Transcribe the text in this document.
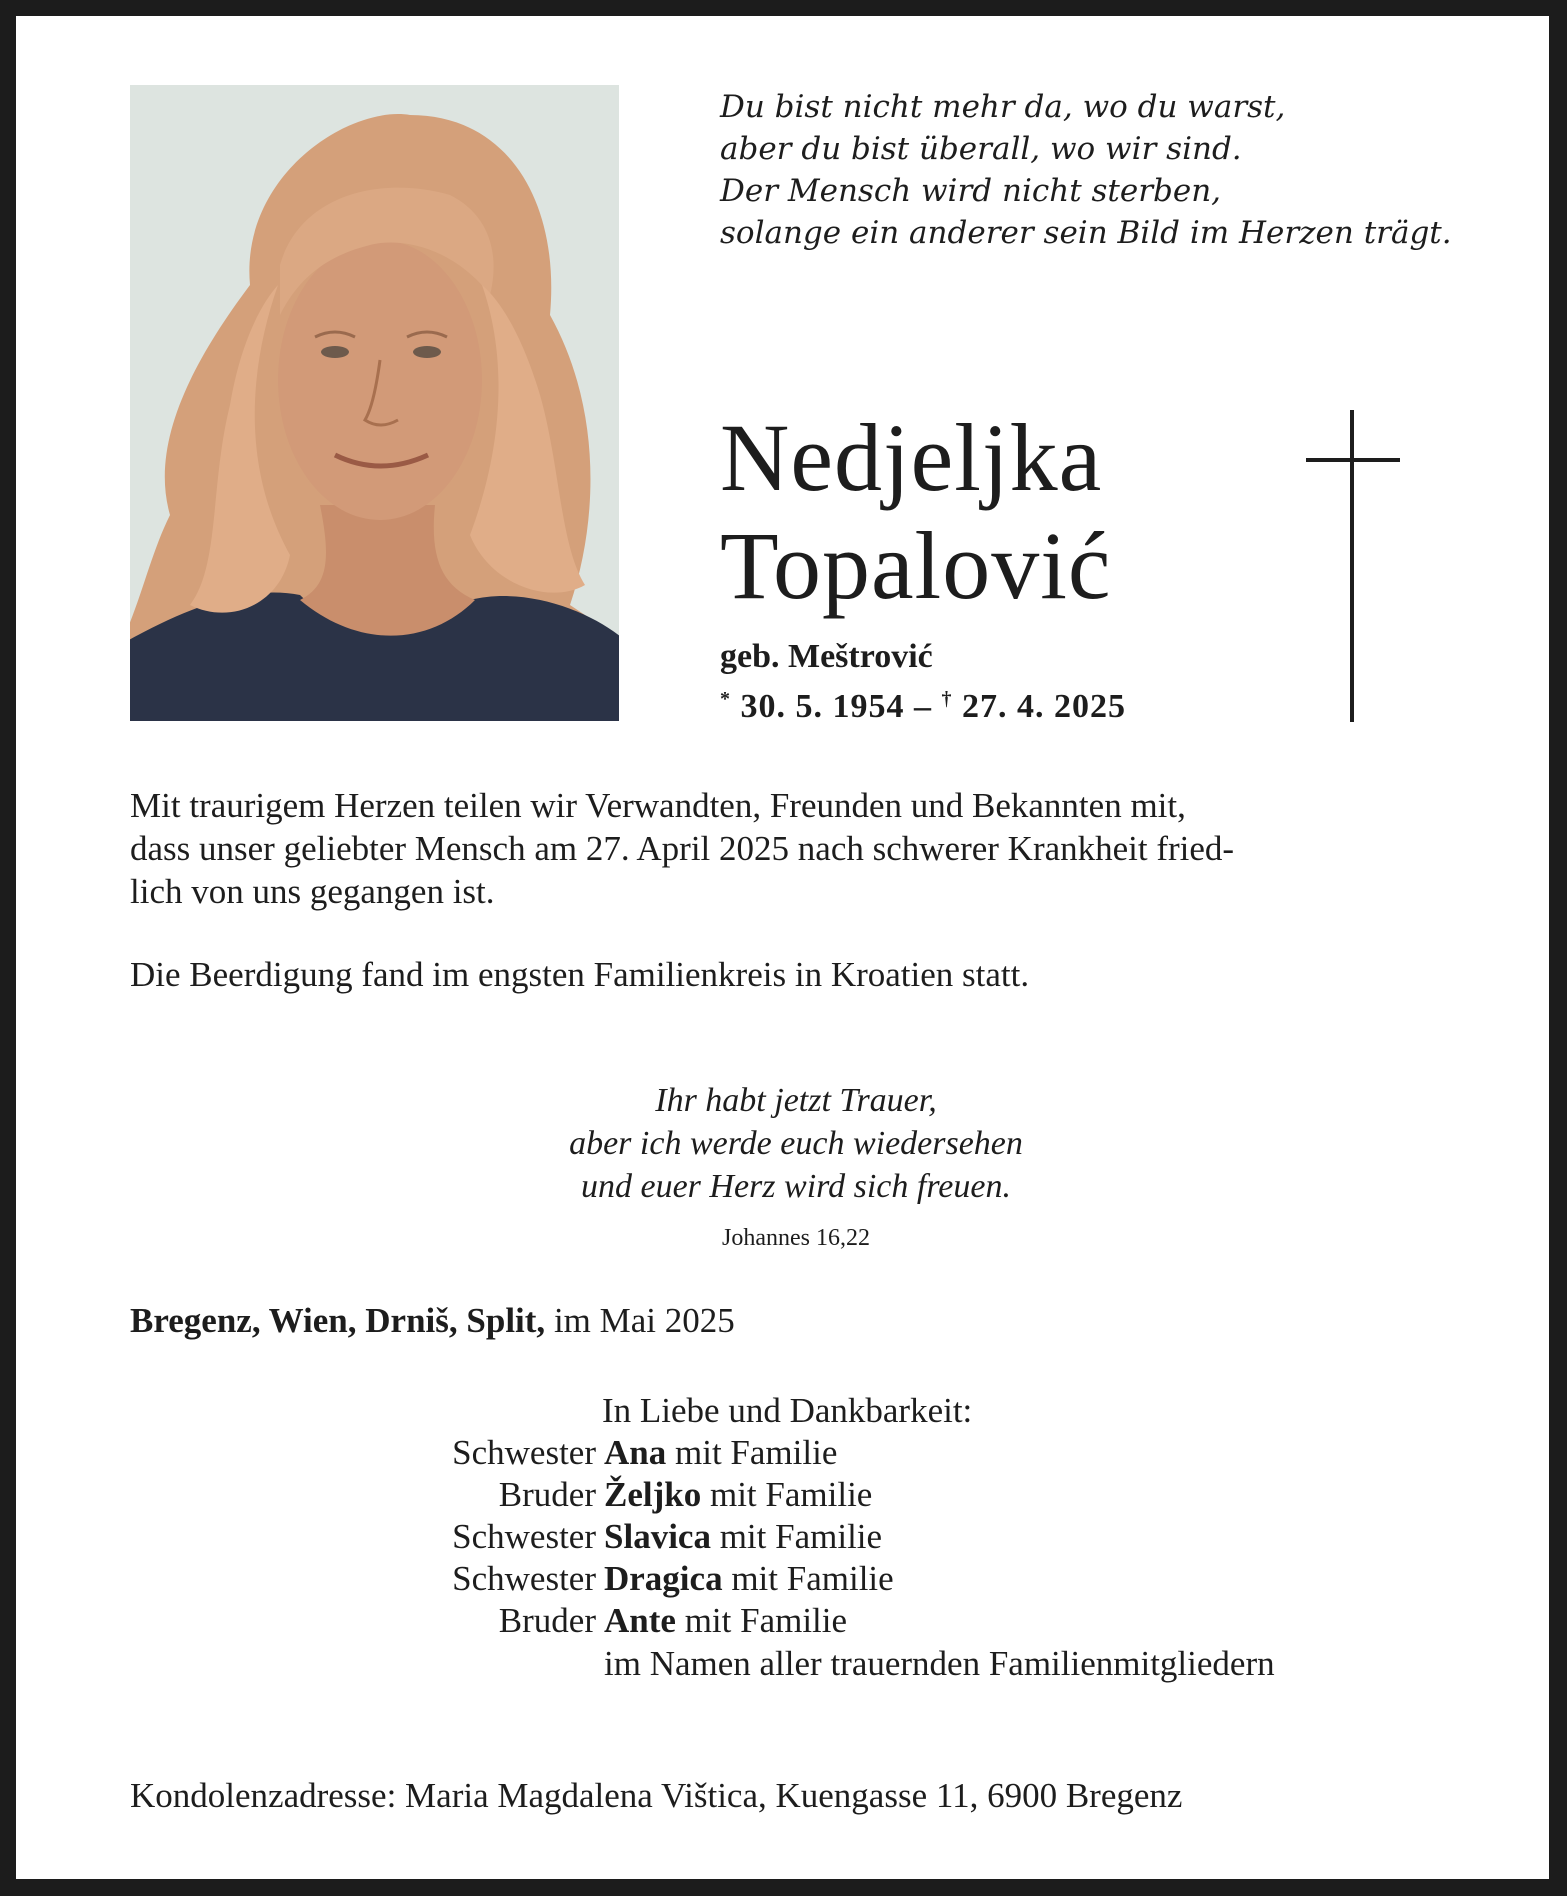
Du bist nicht mehr da, wo du warst,
aber du bist überall, wo wir sind.
Der Mensch wird nicht sterben,
solange ein anderer sein Bild im Herzen trägt.
Nedjeljka
Topalović
geb. Meštrović
* 30. 5. 1954 – † 27. 4. 2025
Mit traurigem Herzen teilen wir Verwandten, Freunden und Bekannten mit,
dass unser geliebter Mensch am 27. April 2025 nach schwerer Krankheit fried-
lich von uns gegangen ist.
Die Beerdigung fand im engsten Familienkreis in Kroatien statt.
Ihr habt jetzt Trauer,
aber ich werde euch wiedersehen
und euer Herz wird sich freuen.
Johannes 16,22
Bregenz, Wien, Drniš, Split, im Mai 2025
In Liebe und Dankbarkeit:
Schwester Ana mit Familie
Bruder Željko mit Familie
Schwester Slavica mit Familie
Schwester Dragica mit Familie
Bruder Ante mit Familie
im Namen aller trauernden Familienmitgliedern
Kondolenzadresse: Maria Magdalena Vištica, Kuengasse 11, 6900 Bregenz
